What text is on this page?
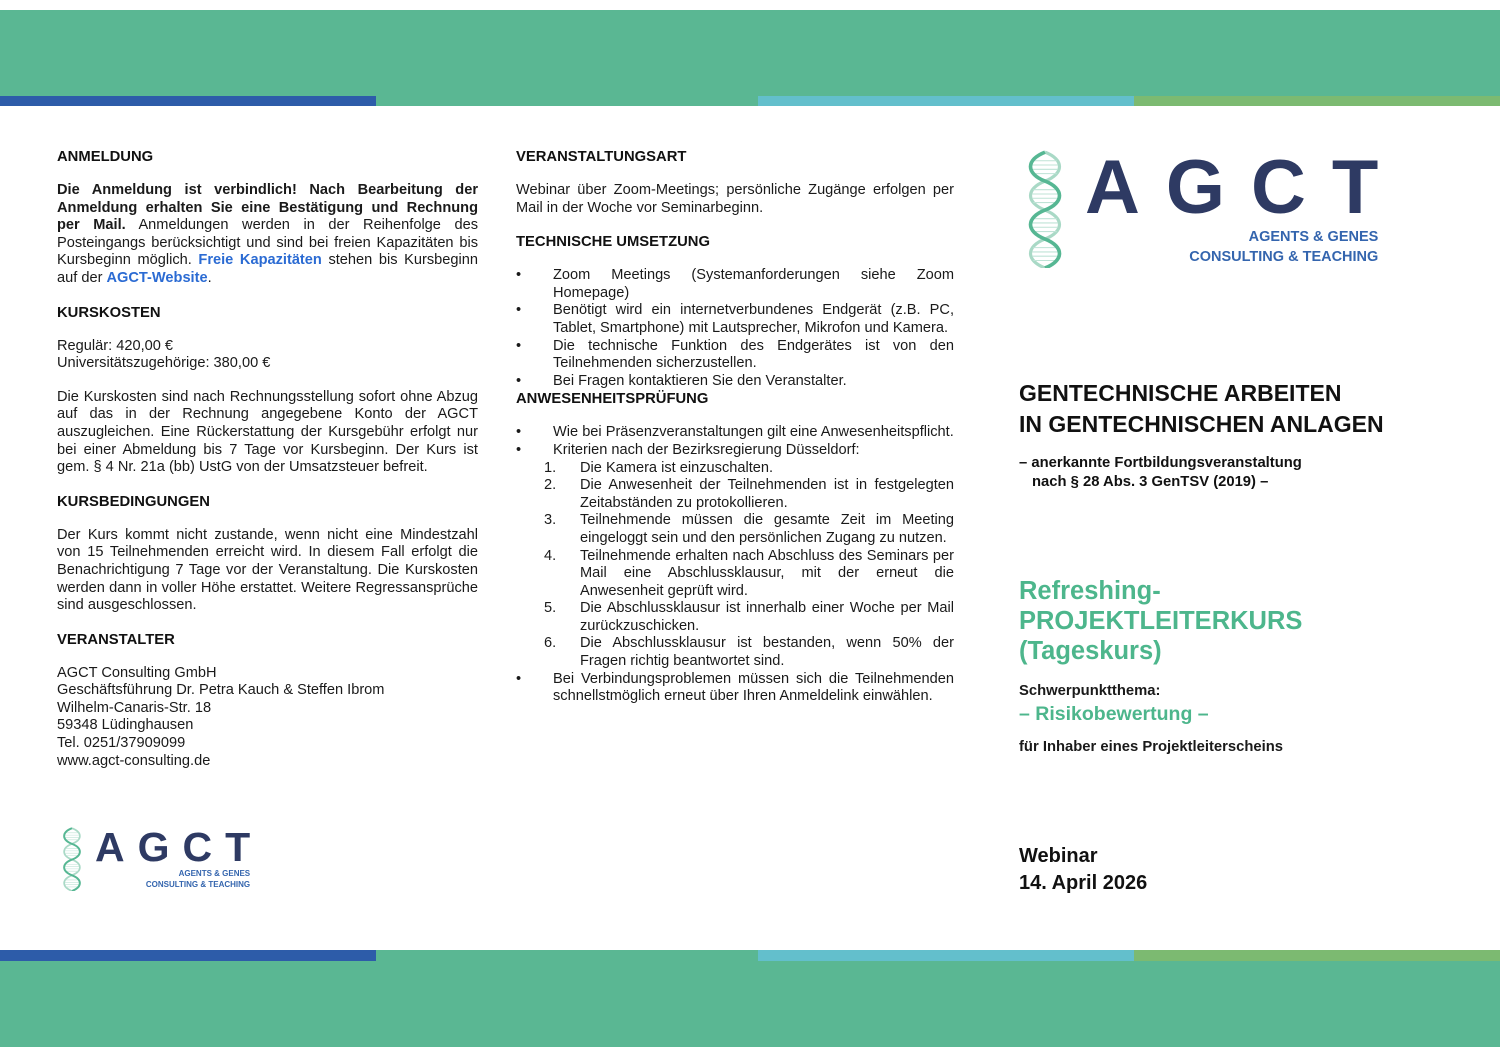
ANMELDUNG

Die Anmeldung ist verbindlich! Nach Bearbeitung der Anmeldung erhalten Sie eine Bestätigung und Rechnung per Mail. Anmeldungen werden in der Reihenfolge des Posteingangs berücksichtigt und sind bei freien Kapazitäten bis Kursbeginn möglich. Freie Kapazitäten stehen bis Kursbeginn auf der AGCT-Website.

KURSKOSTEN

Regulär: 420,00 €
Universitätszugehörige: 380,00 €

Die Kurskosten sind nach Rechnungsstellung sofort ohne Abzug auf das in der Rechnung angegebene Konto der AGCT auszugleichen. Eine Rückerstattung der Kursgebühr erfolgt nur bei einer Abmeldung bis 7 Tage vor Kursbeginn. Der Kurs ist gem. § 4 Nr. 21a (bb) UstG von der Umsatzsteuer befreit.

KURSBEDINGUNGEN

Der Kurs kommt nicht zustande, wenn nicht eine Mindestzahl von 15 Teilnehmenden erreicht wird. In diesem Fall erfolgt die Benachrichtigung 7 Tage vor der Veranstaltung. Die Kurskosten werden dann in voller Höhe erstattet. Weitere Regressansprüche sind ausgeschlossen.

VERANSTALTER
AGCT Consulting GmbH
Geschäftsführung Dr. Petra Kauch & Steffen Ibrom
Wilhelm-Canaris-Str. 18
59348 Lüdinghausen
Tel. 0251/37909099
www.agct-consulting.de
AGCT
AGENTS & GENES
CONSULTING & TEACHING
VERANSTALTUNGSART

Webinar über Zoom-Meetings; persönliche Zugänge erfolgen per Mail in der Woche vor Seminarbeginn.

TECHNISCHE UMSETZUNG
•	Zoom Meetings (Systemanforderungen siehe Zoom Homepage)
•	Benötigt wird ein internetverbundenes Endgerät (z.B. PC, Tablet, Smartphone) mit Lautsprecher, Mikrofon und Kamera.
•	Die technische Funktion des Endgerätes ist von den Teilnehmenden sicherzustellen.
•	Bei Fragen kontaktieren Sie den Veranstalter.
ANWESENHEITSPRÜFUNG
•	Wie bei Präsenzveranstaltungen gilt eine Anwesenheitspflicht.
•	Kriterien nach der Bezirksregierung Düsseldorf:
1.	Die Kamera ist einzuschalten.
2.	Die Anwesenheit der Teilnehmenden ist in festgelegten Zeitabständen zu protokollieren.
3.	Teilnehmende müssen die gesamte Zeit im Meeting eingeloggt sein und den persönlichen Zugang zu nutzen.
4.	Teilnehmende erhalten nach Abschluss des Seminars per Mail eine Abschlussklausur, mit der erneut die Anwesenheit geprüft wird.
5.	Die Abschlussklausur ist innerhalb einer Woche per Mail zurückzuschicken.
6.	Die Abschlussklausur ist bestanden, wenn 50% der Fragen richtig beantwortet sind.
•	Bei Verbindungsproblemen müssen sich die Teilnehmenden schnellstmöglich erneut über Ihren Anmeldelink einwählen.
AGCT
AGENTS & GENES
CONSULTING & TEACHING
GENTECHNISCHE ARBEITEN
IN GENTECHNISCHEN ANLAGEN
– anerkannte Fortbildungsveranstaltung
nach § 28 Abs. 3 GenTSV (2019) –
Refreshing-
PROJEKTLEITERKURS
(Tageskurs)
Schwerpunktthema:
– Risikobewertung –
für Inhaber eines Projektleiterscheins
Webinar
14. April 2026
